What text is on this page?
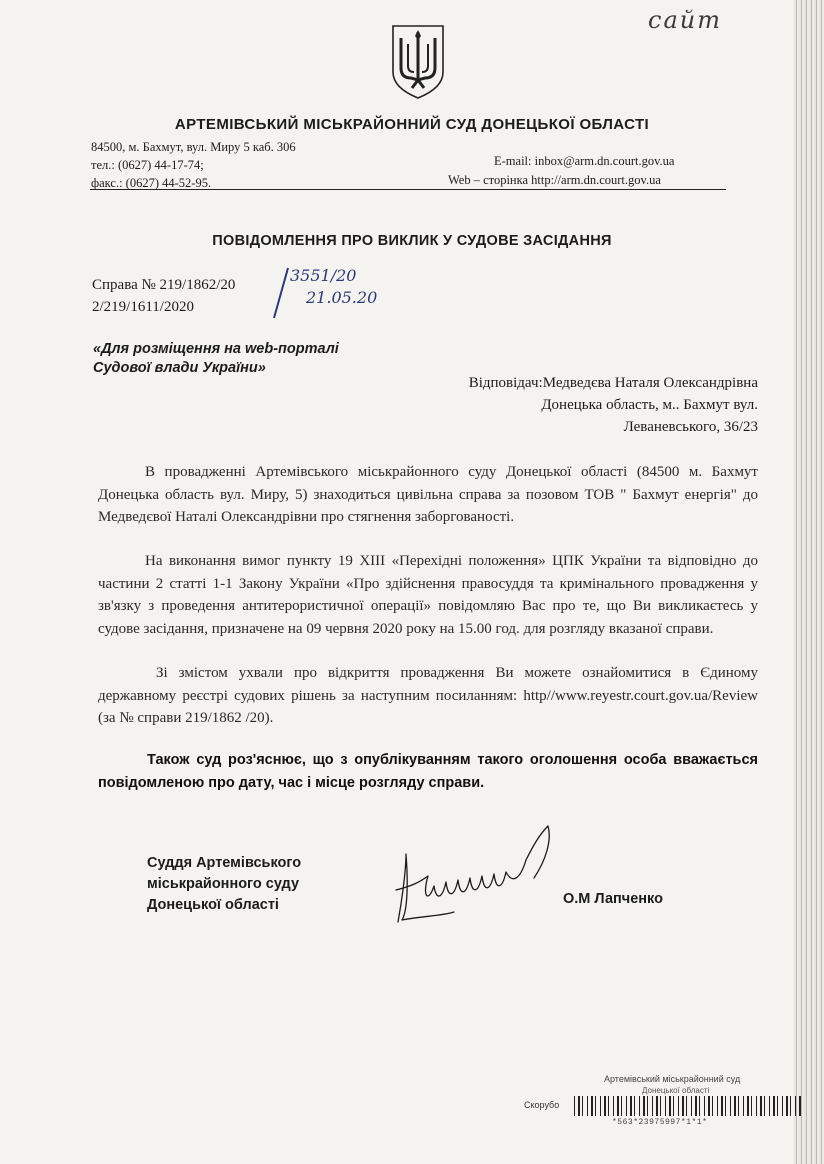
сайт
АРТЕМІВСЬКИЙ МІСЬКРАЙОННИЙ СУД ДОНЕЦЬКОЇ ОБЛАСТІ
84500, м. Бахмут, вул. Миру 5 каб. 306
тел.: (0627) 44-17-74;
факс.: (0627) 44-52-95.
E-mail: inbox@arm.dn.court.gov.ua
Web – сторінка http://arm.dn.court.gov.ua
ПОВІДОМЛЕННЯ ПРО ВИКЛИК У СУДОВЕ ЗАСІДАННЯ
Справа № 219/1862/20
2/219/1611/2020
3551/20
21.05.20
«Для розміщення на web-порталі
Судової влади України»
Відповідач:Медведєва Наталя Олександрівна
Донецька область, м.. Бахмут вул.
Леваневського, 36/23
В провадженні Артемівського міськрайонного суду Донецької області (84500 м. Бахмут Донецька область вул. Миру, 5) знаходиться цивільна справа за позовом ТОВ " Бахмут енергія" до Медведєвої Наталі Олександрівни про стягнення заборгованості.
На виконання вимог пункту 19 XIII «Перехідні положення» ЦПК України та відповідно до частини 2 статті 1-1 Закону України «Про здійснення правосуддя та кримінального провадження у зв'язку з проведення антитерористичної операції» повідомляю Вас про те, що Ви викликаєтесь у судове засідання, призначене на 09 червня 2020 року на 15.00 год. для розгляду вказаної справи.
Зі змістом ухвали про відкриття провадження Ви можете ознайомитися в Єдиному державному реєстрі судових рішень за наступним посиланням: http//www.reyestr.court.gov.ua/Review (за № справи 219/1862 /20).
Також суд роз'яснює, що з опублікуванням такого оголошення особа вважається повідомленою про дату, час і місце розгляду справи.
Суддя Артемівського
міськрайонного суду
Донецької області	О.М Лапченко
Артемівський міськрайонний суд
Донецької області
Скорубо
*563*23975997*1*1*
